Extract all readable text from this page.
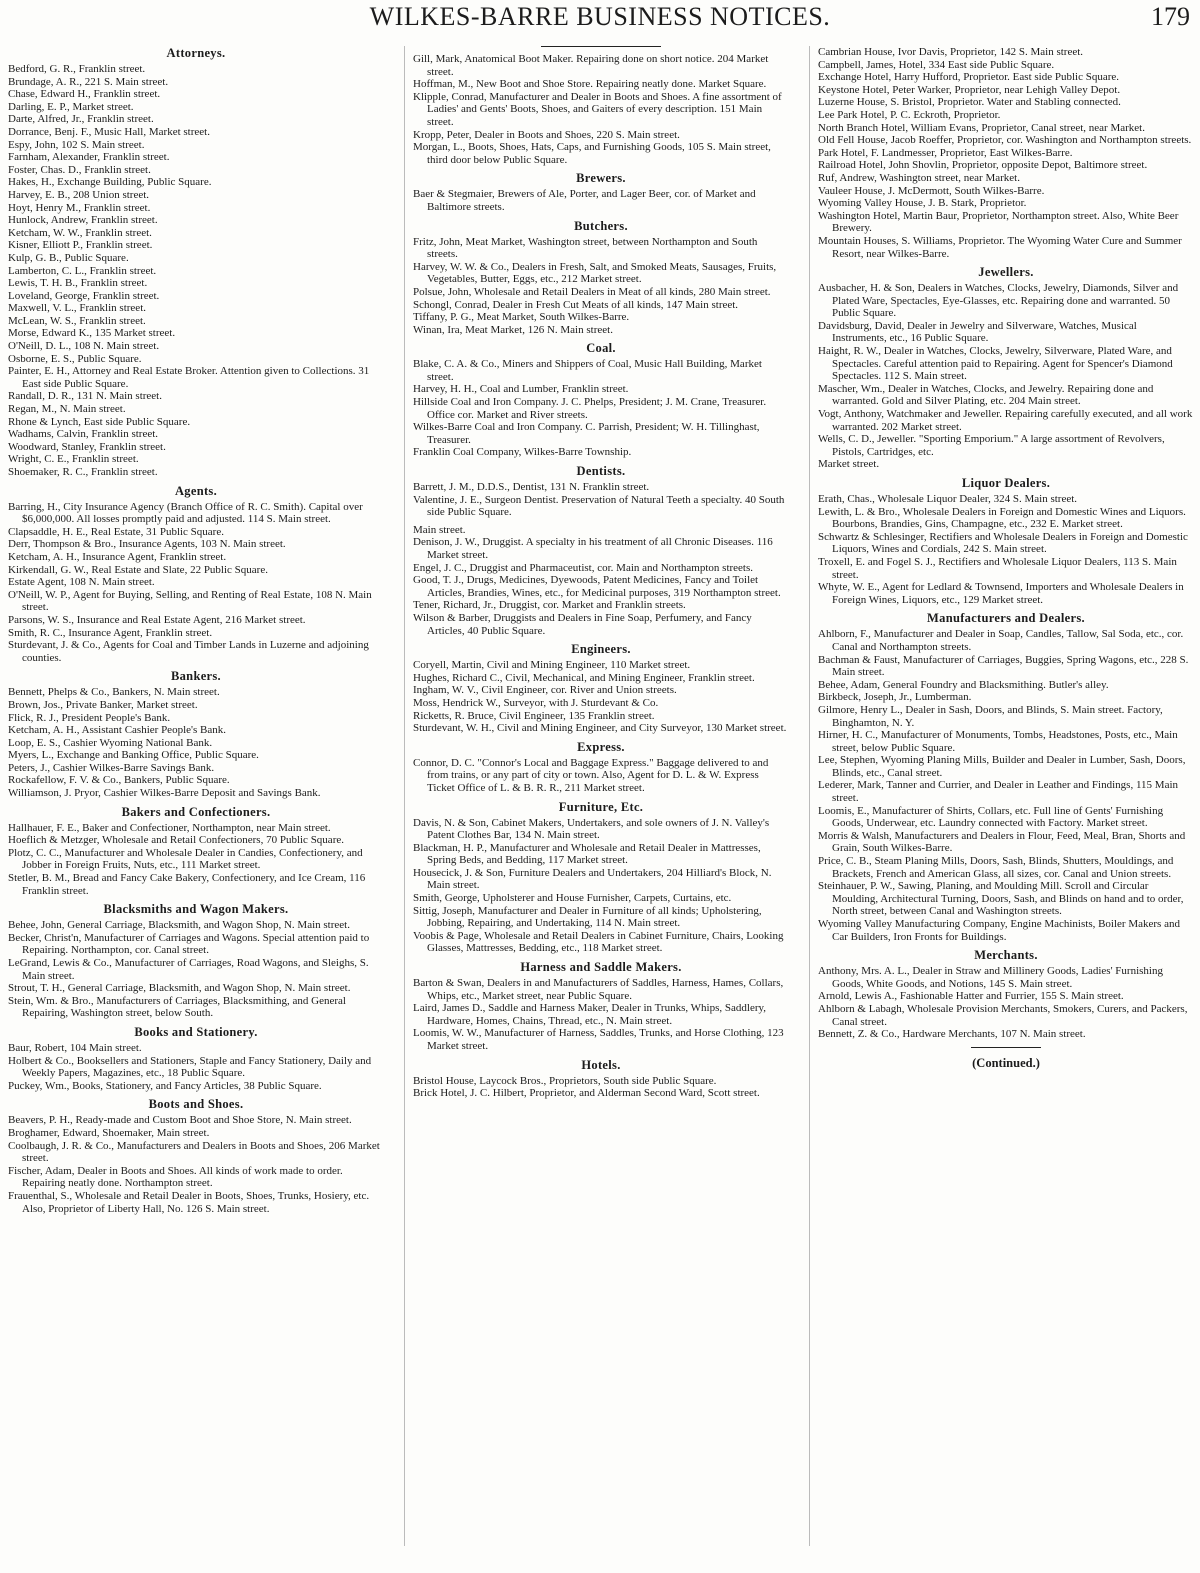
WILKES-BARRE BUSINESS NOTICES.	179
Attorneys.
Bedford, G. R., Franklin street.
Brundage, A. R., 221 S. Main street.
Chase, Edward H., Franklin street.
Darling, E. P., Market street.
Darte, Alfred, Jr., Franklin street.
Dorrance, Benj. F., Music Hall, Market street.
Espy, John, 102 S. Main street.
Farnham, Alexander, Franklin street.
Foster, Chas. D., Franklin street.
Hakes, H., Exchange Building, Public Square.
Harvey, E. B., 208 Union street.
Hoyt, Henry M., Franklin street.
Hunlock, Andrew, Franklin street.
Ketcham, W. W., Franklin street.
Kisner, Elliott P., Franklin street.
Kulp, G. B., Public Square.
Lamberton, C. L., Franklin street.
Lewis, T. H. B., Franklin street.
Loveland, George, Franklin street.
Maxwell, V. L., Franklin street.
McLean, W. S., Franklin street.
Morse, Edward K., 135 Market street.
O'Neill, D. L., 108 N. Main street.
Osborne, E. S., Public Square.
Painter, E. H., Attorney and Real Estate Broker. Attention given to Collections. 31 East side Public Square.
Randall, D. R., 131 N. Main street.
Regan, M., N. Main street.
Rhone & Lynch, East side Public Square.
Wadhams, Calvin, Franklin street.
Woodward, Stanley, Franklin street.
Wright, C. E., Franklin street.
Shoemaker, R. C., Franklin street.
Agents.
Barring, H., City Insurance Agency (Branch Office of R. C. Smith). Capital over $6,000,000. All losses promptly paid and adjusted. 114 S. Main street.
Clapsaddle, H. E., Real Estate, 31 Public Square.
Derr, Thompson & Bro., Insurance Agents, 103 N. Main street.
Ketcham, A. H., Insurance Agent, Franklin street.
Kirkendall, G. W., Real Estate and Slate, 22 Public Square.
Estate Agent, 108 N. Main street.
O'Neill, W. P., Agent for Buying, Selling, and Renting of Real Estate, 108 N. Main street.
Parsons, W. S., Insurance and Real Estate Agent, 216 Market street.
Smith, R. C., Insurance Agent, Franklin street.
Sturdevant, J. & Co., Agents for Coal and Timber Lands in Luzerne and adjoining counties.
Bankers.
Bennett, Phelps & Co., Bankers, N. Main street.
Brown, Jos., Private Banker, Market street.
Flick, R. J., President People's Bank.
Ketcham, A. H., Assistant Cashier People's Bank.
Loop, E. S., Cashier Wyoming National Bank.
Myers, L., Exchange and Banking Office, Public Square.
Peters, J., Cashier Wilkes-Barre Savings Bank.
Rockafellow, F. V. & Co., Bankers, Public Square.
Williamson, J. Pryor, Cashier Wilkes-Barre Deposit and Savings Bank.
Bakers and Confectioners.
Hallhauer, F. E., Baker and Confectioner, Northampton, near Main street.
Hoeflich & Metzger, Wholesale and Retail Confectioners, 70 Public Square.
Plotz, C. C., Manufacturer and Wholesale Dealer in Candies, Confectionery, and Jobber in Foreign Fruits, Nuts, etc., 111 Market street.
Stetler, B. M., Bread and Fancy Cake Bakery, Confectionery, and Ice Cream, 116 Franklin street.
Blacksmiths and Wagon Makers.
Behee, John, General Carriage, Blacksmith, and Wagon Shop, N. Main street.
Becker, Christ'n, Manufacturer of Carriages and Wagons. Special attention paid to Repairing. Northampton, cor. Canal street.
LeGrand, Lewis & Co., Manufacturer of Carriages, Road Wagons, and Sleighs, S. Main street.
Strout, T. H., General Carriage, Blacksmith, and Wagon Shop, N. Main street.
Stein, Wm. & Bro., Manufacturers of Carriages, Blacksmithing, and General Repairing, Washington street, below South.
Books and Stationery.
Baur, Robert, 104 Main street.
Holbert & Co., Booksellers and Stationers, Staple and Fancy Stationery, Daily and Weekly Papers, Magazines, etc., 18 Public Square.
Puckey, Wm., Books, Stationery, and Fancy Articles, 38 Public Square.
Boots and Shoes.
Beavers, P. H., Ready-made and Custom Boot and Shoe Store, N. Main street.
Broghamer, Edward, Shoemaker, Main street.
Coolbaugh, J. R. & Co., Manufacturers and Dealers in Boots and Shoes, 206 Market street.
Fischer, Adam, Dealer in Boots and Shoes. All kinds of work made to order. Repairing neatly done. Northampton street.
Frauenthal, S., Wholesale and Retail Dealer in Boots, Shoes, Trunks, Hosiery, etc. Also, Proprietor of Liberty Hall, No. 126 S. Main street.
Gill, Mark, Anatomical Boot Maker. Repairing done on short notice. 204 Market street.
Hoffman, M., New Boot and Shoe Store. Repairing neatly done. Market Square.
Klipple, Conrad, Manufacturer and Dealer in Boots and Shoes. A fine assortment of Ladies' and Gents' Boots, Shoes, and Gaiters of every description. 151 Main street.
Kropp, Peter, Dealer in Boots and Shoes, 220 S. Main street.
Morgan, L., Boots, Shoes, Hats, Caps, and Furnishing Goods, 105 S. Main street, third door below Public Square.
Brewers.
Baer & Stegmaier, Brewers of Ale, Porter, and Lager Beer, cor. of Market and Baltimore streets.
Butchers.
Fritz, John, Meat Market, Washington street, between Northampton and South streets.
Harvey, W. W. & Co., Dealers in Fresh, Salt, and Smoked Meats, Sausages, Fruits, Vegetables, Butter, Eggs, etc., 212 Market street.
Polsue, John, Wholesale and Retail Dealers in Meat of all kinds, 280 Main street.
Schongl, Conrad, Dealer in Fresh Cut Meats of all kinds, 147 Main street.
Tiffany, P. G., Meat Market, South Wilkes-Barre.
Winan, Ira, Meat Market, 126 N. Main street.
Coal.
Blake, C. A. & Co., Miners and Shippers of Coal, Music Hall Building, Market street.
Harvey, H. H., Coal and Lumber, Franklin street.
Hillside Coal and Iron Company. J. C. Phelps, President; J. M. Crane, Treasurer. Office cor. Market and River streets.
Wilkes-Barre Coal and Iron Company. C. Parrish, President; W. H. Tillinghast, Treasurer.
Franklin Coal Company, Wilkes-Barre Township.
Dentists.
Barrett, J. M., D.D.S., Dentist, 131 N. Franklin street.
Valentine, J. E., Surgeon Dentist. Preservation of Natural Teeth a specialty. 40 South side Public Square.
Main street.
Denison, J. W., Druggist. A specialty in his treatment of all Chronic Diseases. 116 Market street.
Engel, J. C., Druggist and Pharmaceutist, cor. Main and Northampton streets.
Good, T. J., Drugs, Medicines, Dyewoods, Patent Medicines, Fancy and Toilet Articles, Brandies, Wines, etc., for Medicinal purposes, 319 Northampton street.
Tener, Richard, Jr., Druggist, cor. Market and Franklin streets.
Wilson & Barber, Druggists and Dealers in Fine Soap, Perfumery, and Fancy Articles, 40 Public Square.
Engineers.
Coryell, Martin, Civil and Mining Engineer, 110 Market street.
Hughes, Richard C., Civil, Mechanical, and Mining Engineer, Franklin street.
Ingham, W. V., Civil Engineer, cor. River and Union streets.
Moss, Hendrick W., Surveyor, with J. Sturdevant & Co.
Ricketts, R. Bruce, Civil Engineer, 135 Franklin street.
Sturdevant, W. H., Civil and Mining Engineer, and City Surveyor, 130 Market street.
Express.
Connor, D. C. "Connor's Local and Baggage Express." Baggage delivered to and from trains, or any part of city or town. Also, Agent for D. L. & W. Express Ticket Office of L. & B. R. R., 211 Market street.
Furniture, Etc.
Davis, N. & Son, Cabinet Makers, Undertakers, and sole owners of J. N. Valley's Patent Clothes Bar, 134 N. Main street.
Blackman, H. P., Manufacturer and Wholesale and Retail Dealer in Mattresses, Spring Beds, and Bedding, 117 Market street.
Housecick, J. & Son, Furniture Dealers and Undertakers, 204 Hilliard's Block, N. Main street.
Smith, George, Upholsterer and House Furnisher, Carpets, Curtains, etc.
Sittig, Joseph, Manufacturer and Dealer in Furniture of all kinds; Upholstering, Jobbing, Repairing, and Undertaking, 114 N. Main street.
Voobis & Page, Wholesale and Retail Dealers in Cabinet Furniture, Chairs, Looking Glasses, Mattresses, Bedding, etc., 118 Market street.
Harness and Saddle Makers.
Barton & Swan, Dealers in and Manufacturers of Saddles, Harness, Hames, Collars, Whips, etc., Market street, near Public Square.
Laird, James D., Saddle and Harness Maker, Dealer in Trunks, Whips, Saddlery, Hardware, Homes, Chains, Thread, etc., N. Main street.
Loomis, W. W., Manufacturer of Harness, Saddles, Trunks, and Horse Clothing, 123 Market street.
Hotels.
Bristol House, Laycock Bros., Proprietors, South side Public Square.
Brick Hotel, J. C. Hilbert, Proprietor, and Alderman Second Ward, Scott street.
Cambrian House, Ivor Davis, Proprietor, 142 S. Main street.
Campbell, James, Hotel, 334 East side Public Square.
Exchange Hotel, Harry Hufford, Proprietor. East side Public Square.
Keystone Hotel, Peter Warker, Proprietor, near Lehigh Valley Depot.
Luzerne House, S. Bristol, Proprietor. Water and Stabling connected.
Lee Park Hotel, P. C. Eckroth, Proprietor.
North Branch Hotel, William Evans, Proprietor, Canal street, near Market.
Old Fell House, Jacob Roeffer, Proprietor, cor. Washington and Northampton streets.
Park Hotel, F. Landmesser, Proprietor, East Wilkes-Barre.
Railroad Hotel, John Shovlin, Proprietor, opposite Depot, Baltimore street.
Ruf, Andrew, Washington street, near Market.
Vauleer House, J. McDermott, South Wilkes-Barre.
Wyoming Valley House, J. B. Stark, Proprietor.
Washington Hotel, Martin Baur, Proprietor, Northampton street. Also, White Beer Brewery.
Mountain Houses, S. Williams, Proprietor. The Wyoming Water Cure and Summer Resort, near Wilkes-Barre.
Jewellers.
Ausbacher, H. & Son, Dealers in Watches, Clocks, Jewelry, Diamonds, Silver and Plated Ware, Spectacles, Eye-Glasses, etc. Repairing done and warranted. 50 Public Square.
Davidsburg, David, Dealer in Jewelry and Silverware, Watches, Musical Instruments, etc., 16 Public Square.
Haight, R. W., Dealer in Watches, Clocks, Jewelry, Silverware, Plated Ware, and Spectacles. Careful attention paid to Repairing. Agent for Spencer's Diamond Spectacles. 112 S. Main street.
Mascher, Wm., Dealer in Watches, Clocks, and Jewelry. Repairing done and warranted. Gold and Silver Plating, etc. 204 Main street.
Vogt, Anthony, Watchmaker and Jeweller. Repairing carefully executed, and all work warranted. 202 Market street.
Wells, C. D., Jeweller. "Sporting Emporium." A large assortment of Revolvers, Pistols, Cartridges, etc.
Market street.
Liquor Dealers.
Erath, Chas., Wholesale Liquor Dealer, 324 S. Main street.
Lewith, L. & Bro., Wholesale Dealers in Foreign and Domestic Wines and Liquors. Bourbons, Brandies, Gins, Champagne, etc., 232 E. Market street.
Schwartz & Schlesinger, Rectifiers and Wholesale Dealers in Foreign and Domestic Liquors, Wines and Cordials, 242 S. Main street.
Troxell, E. and Fogel S. J., Rectifiers and Wholesale Liquor Dealers, 113 S. Main street.
Whyte, W. E., Agent for Ledlard & Townsend, Importers and Wholesale Dealers in Foreign Wines, Liquors, etc., 129 Market street.
Manufacturers and Dealers.
Ahlborn, F., Manufacturer and Dealer in Soap, Candles, Tallow, Sal Soda, etc., cor. Canal and Northampton streets.
Bachman & Faust, Manufacturer of Carriages, Buggies, Spring Wagons, etc., 228 S. Main street.
Behee, Adam, General Foundry and Blacksmithing. Butler's alley.
Birkbeck, Joseph, Jr., Lumberman.
Gilmore, Henry L., Dealer in Sash, Doors, and Blinds, S. Main street. Factory, Binghamton, N. Y.
Hirner, H. C., Manufacturer of Monuments, Tombs, Headstones, Posts, etc., Main street, below Public Square.
Lee, Stephen, Wyoming Planing Mills, Builder and Dealer in Lumber, Sash, Doors, Blinds, etc., Canal street.
Lederer, Mark, Tanner and Currier, and Dealer in Leather and Findings, 115 Main street.
Loomis, E., Manufacturer of Shirts, Collars, etc. Full line of Gents' Furnishing Goods, Underwear, etc. Laundry connected with Factory. Market street.
Morris & Walsh, Manufacturers and Dealers in Flour, Feed, Meal, Bran, Shorts and Grain, South Wilkes-Barre.
Price, C. B., Steam Planing Mills, Doors, Sash, Blinds, Shutters, Mouldings, and Brackets, French and American Glass, all sizes, cor. Canal and Union streets.
Steinhauer, P. W., Sawing, Planing, and Moulding Mill. Scroll and Circular Moulding, Architectural Turning, Doors, Sash, and Blinds on hand and to order, North street, between Canal and Washington streets.
Wyoming Valley Manufacturing Company, Engine Machinists, Boiler Makers and Car Builders, Iron Fronts for Buildings.
Merchants.
Anthony, Mrs. A. L., Dealer in Straw and Millinery Goods, Ladies' Furnishing Goods, White Goods, and Notions, 145 S. Main street.
Arnold, Lewis A., Fashionable Hatter and Furrier, 155 S. Main street.
Ahlborn & Labagh, Wholesale Provision Merchants, Smokers, Curers, and Packers, Canal street.
Bennett, Z. & Co., Hardware Merchants, 107 N. Main street.
(Continued.)
